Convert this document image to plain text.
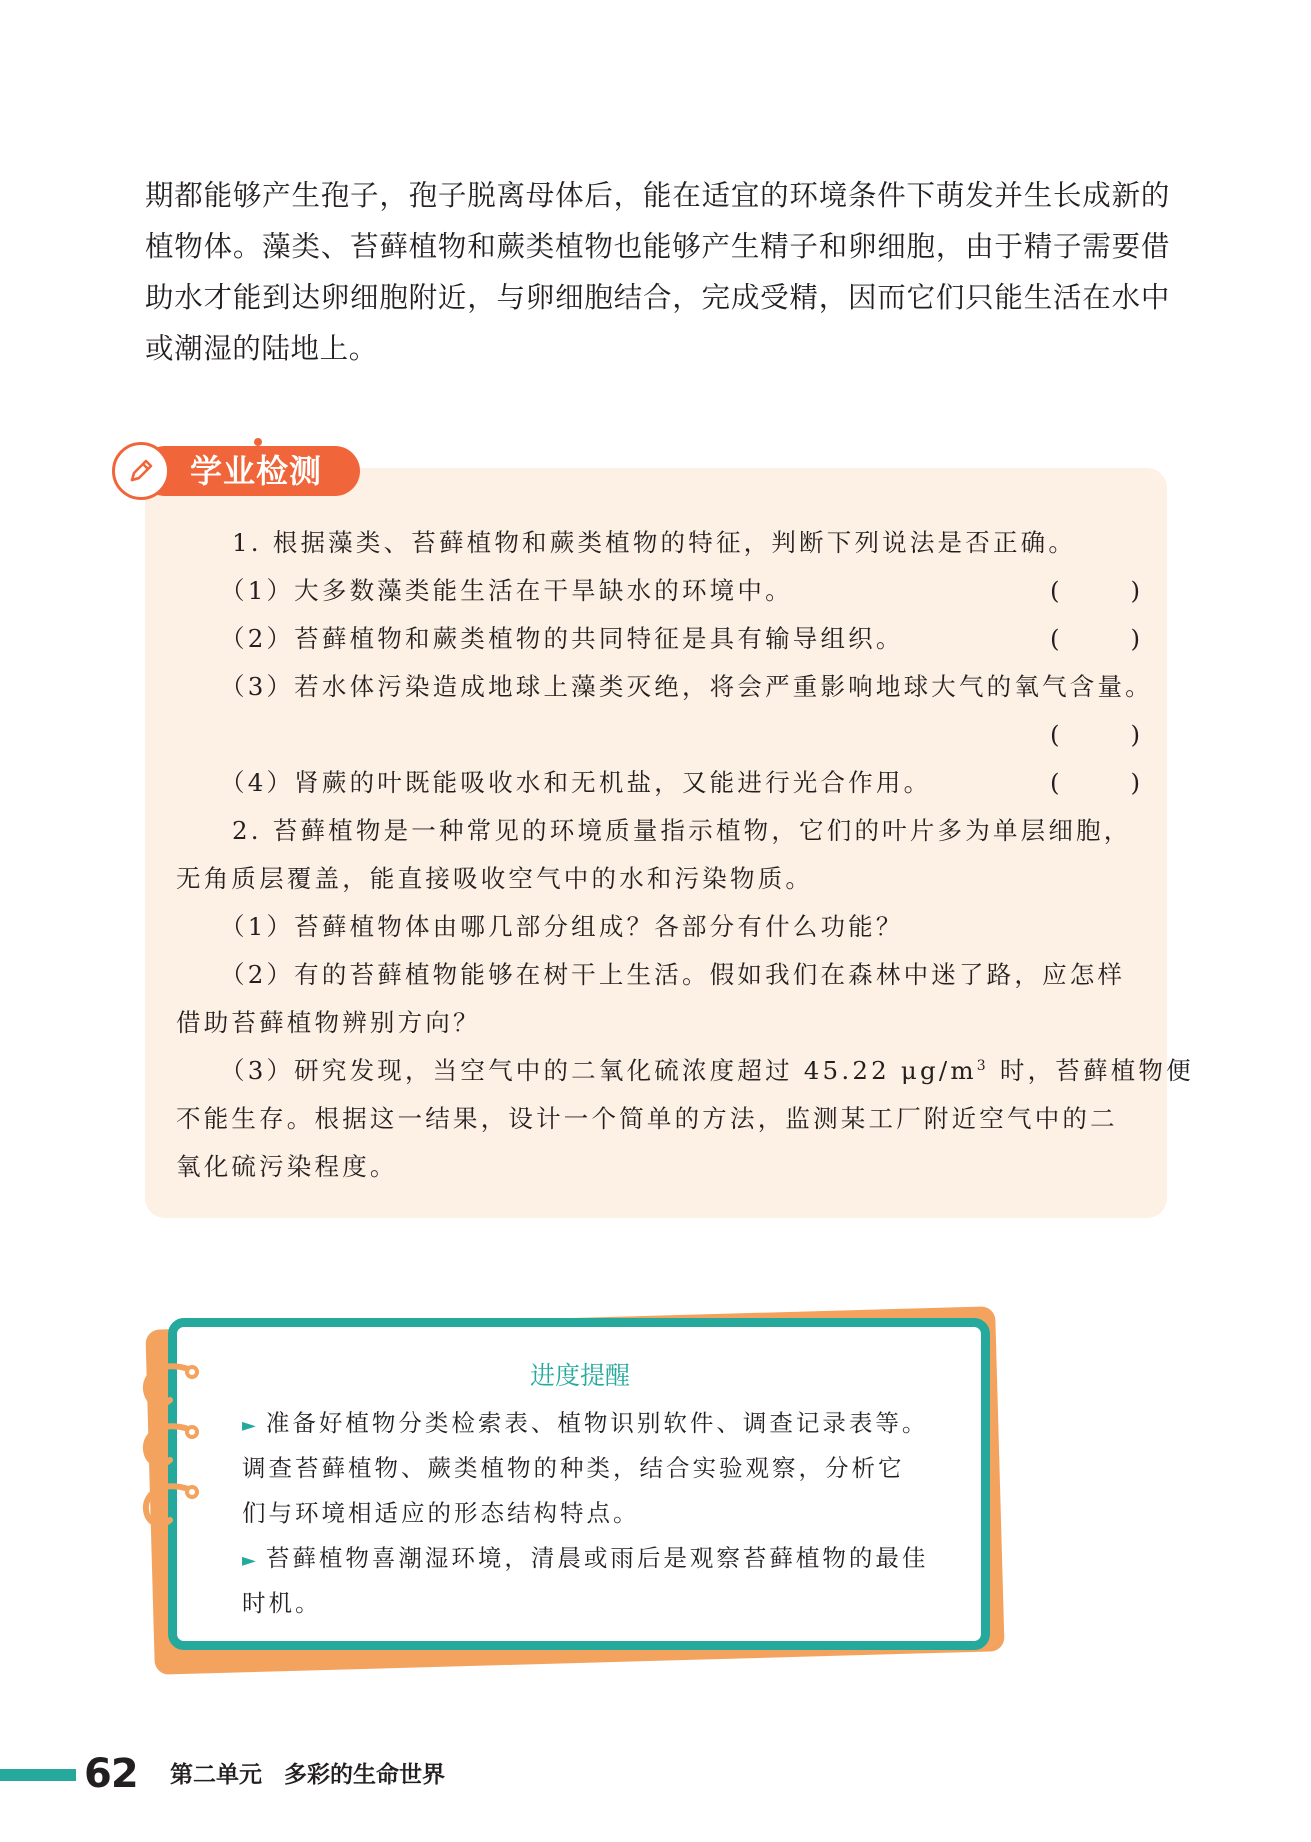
期都能够产生孢子，孢子脱离母体后，能在适宜的环境条件下萌发并生长成新的植物体。藻类、苔藓植物和蕨类植物也能够产生精子和卵细胞，由于精子需要借助水才能到达卵细胞附近，与卵细胞结合，完成受精，因而它们只能生活在水中或潮湿的陆地上。

学业检测
1. 根据藻类、苔藓植物和蕨类植物的特征，判断下列说法是否正确。
（1）大多数藻类能生活在干旱缺水的环境中。	(	)
（2）苔藓植物和蕨类植物的共同特征是具有输导组织。	(	)
（3）若水体污染造成地球上藻类灭绝，将会严重影响地球大气的氧气含量。
(	)
（4）肾蕨的叶既能吸收水和无机盐，又能进行光合作用。	(	)
2. 苔藓植物是一种常见的环境质量指示植物，它们的叶片多为单层细胞，
无角质层覆盖，能直接吸收空气中的水和污染物质。
（1）苔藓植物体由哪几部分组成？各部分有什么功能？
（2）有的苔藓植物能够在树干上生活。假如我们在森林中迷了路，应怎样
借助苔藓植物辨别方向？
（3）研究发现，当空气中的二氧化硫浓度超过 45.22 $\mu g/m^3$ 时，苔藓植物便
不能生存。根据这一结果，设计一个简单的方法，监测某工厂附近空气中的二
氧化硫污染程度。
进度提醒
► 准备好植物分类检索表、植物识别软件、调查记录表等。
调查苔藓植物、蕨类植物的种类，结合实验观察，分析它
们与环境相适应的形态结构特点。
► 苔藓植物喜潮湿环境，清晨或雨后是观察苔藓植物的最佳
时机。
62 第二单元 多彩的生命世界
